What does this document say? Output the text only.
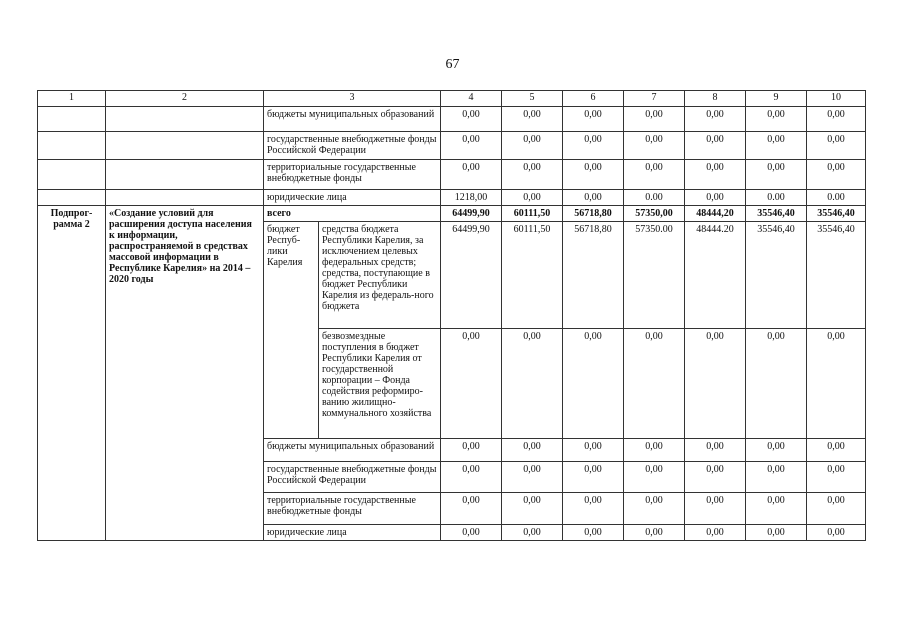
67
1	2	3		4	5	6	7	8	9	10
		бюджеты муниципальных образований		0,00	0,00	0,00	0,00	0,00	0,00	0,00
		государственные внебюджетные фонды Российской Федерации		0,00	0,00	0,00	0,00	0,00	0,00	0,00
		территориальные государственные внебюджетные фонды		0,00	0,00	0,00	0,00	0,00	0,00	0,00
		юридические лица		1218,00	0,00	0,00	0.00	0,00	0.00	0.00
Подпрог-рамма 2	«Создание условий для расширения доступа населения к информации, распространяемой в средствах массовой информации в Республике Карелия» на 2014 – 2020 годы	всего		64499,90	60111,50	56718,80	57350,00	48444,20	35546,40	35546,40
		бюджет Респуб-лики Карелия	средства бюджета Республики Карелия, за исключением целевых федеральных средств; средства, поступающие в бюджет Республики Карелия из федераль-ного бюджета	64499,90	60111,50	56718,80	57350.00	48444.20	35546,40	35546,40
			безвозмездные поступления в бюджет Республики Карелия от государственной корпорации – Фонда содействия реформиро-ванию жилищно-коммунального хозяйства	0,00	0,00	0,00	0,00	0,00	0,00	0,00
		бюджеты муниципальных образований		0,00	0,00	0,00	0,00	0,00	0,00	0,00
		государственные внебюджетные фонды Российской Федерации		0,00	0,00	0,00	0,00	0,00	0,00	0,00
		территориальные государственные внебюджетные фонды		0,00	0,00	0,00	0,00	0,00	0,00	0,00
		юридические лица		0,00	0,00	0,00	0,00	0,00	0,00	0,00
